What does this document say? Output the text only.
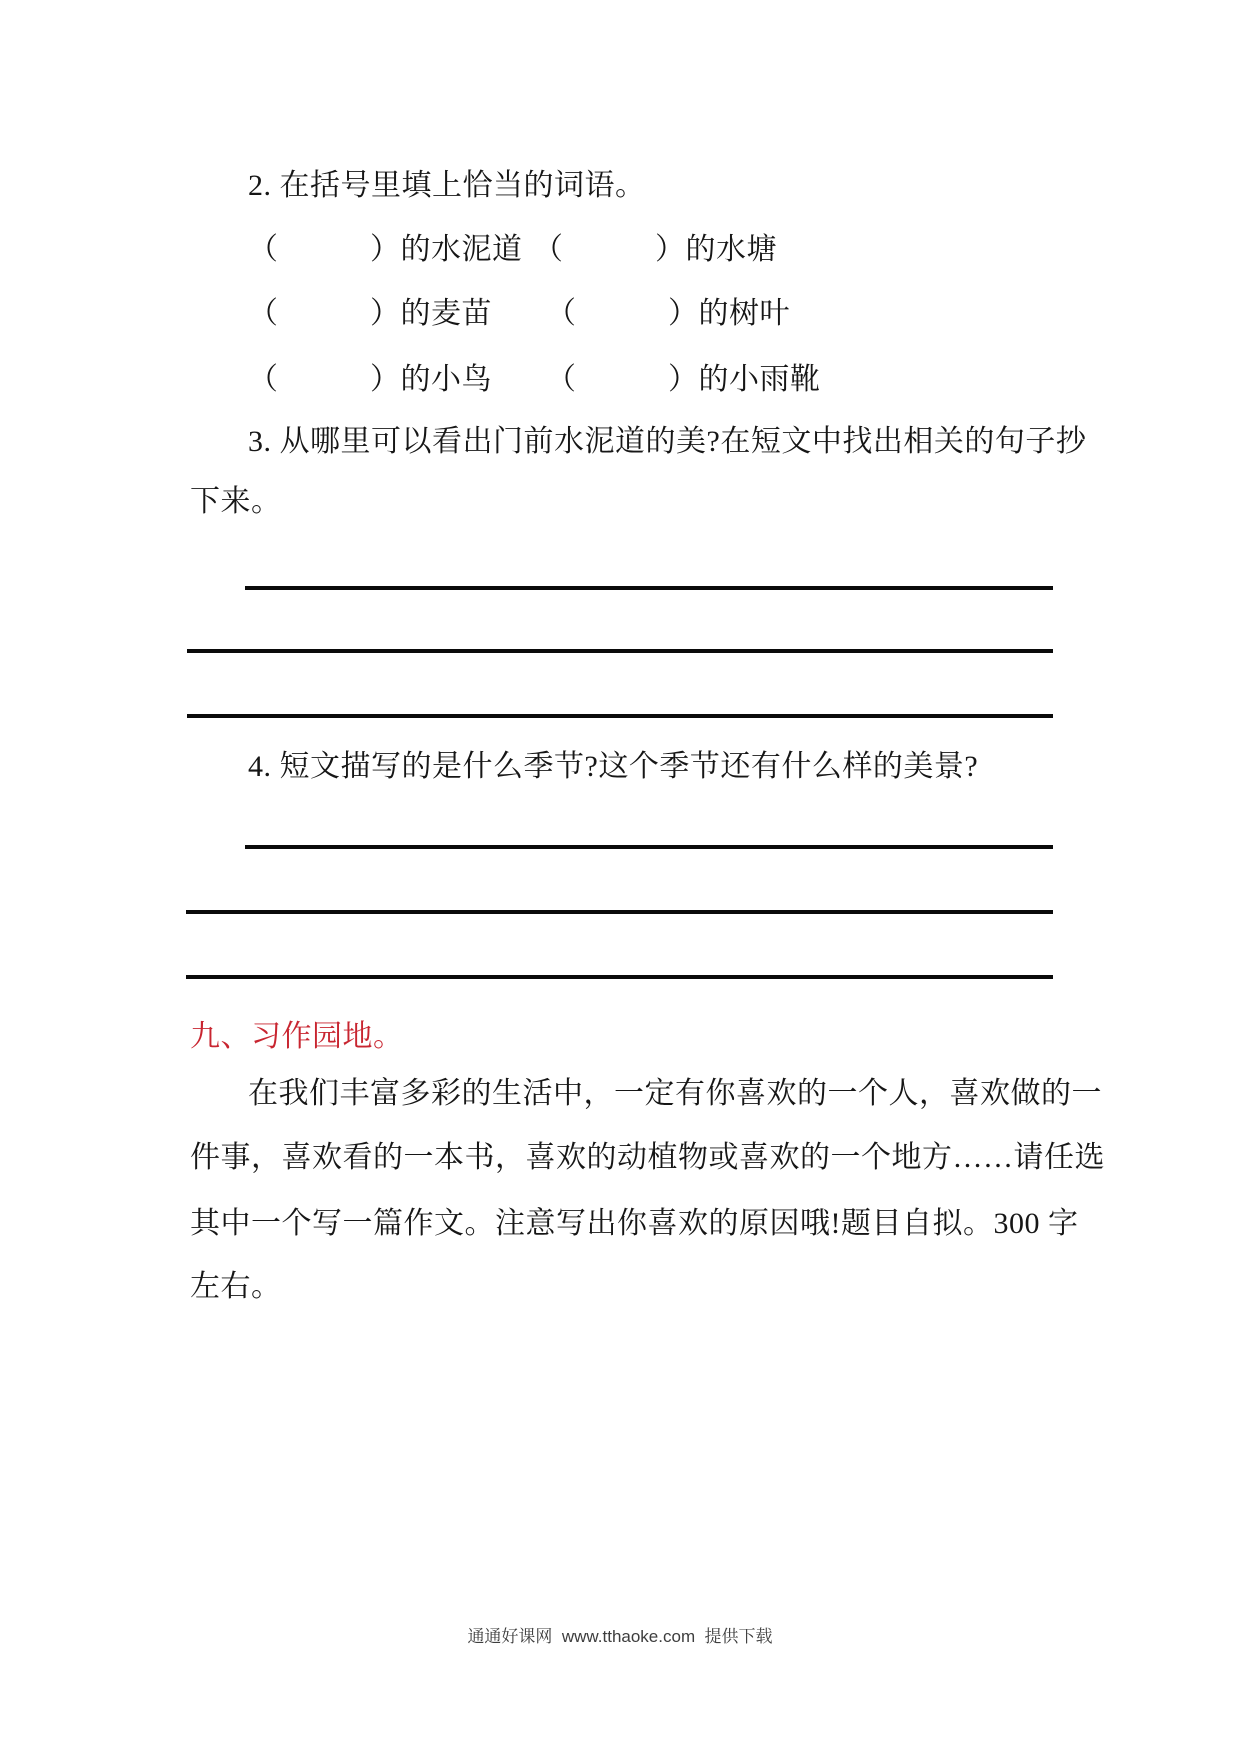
2. 在括号里填上恰当的词语。
（　　　）的水泥道 （　　　）的水塘
（　　　）的麦苗 （　　　）的树叶
（　　　）的小鸟 （　　　）的小雨靴
3. 从哪里可以看出门前水泥道的美?在短文中找出相关的句子抄
下来。
4. 短文描写的是什么季节?这个季节还有什么样的美景?
九、习作园地。
在我们丰富多彩的生活中，一定有你喜欢的一个人，喜欢做的一
件事，喜欢看的一本书，喜欢的动植物或喜欢的一个地方……请任选
其中一个写一篇作文。注意写出你喜欢的原因哦!题目自拟。300 字
左右。
通通好课网  www.tthaoke.com  提供下载
